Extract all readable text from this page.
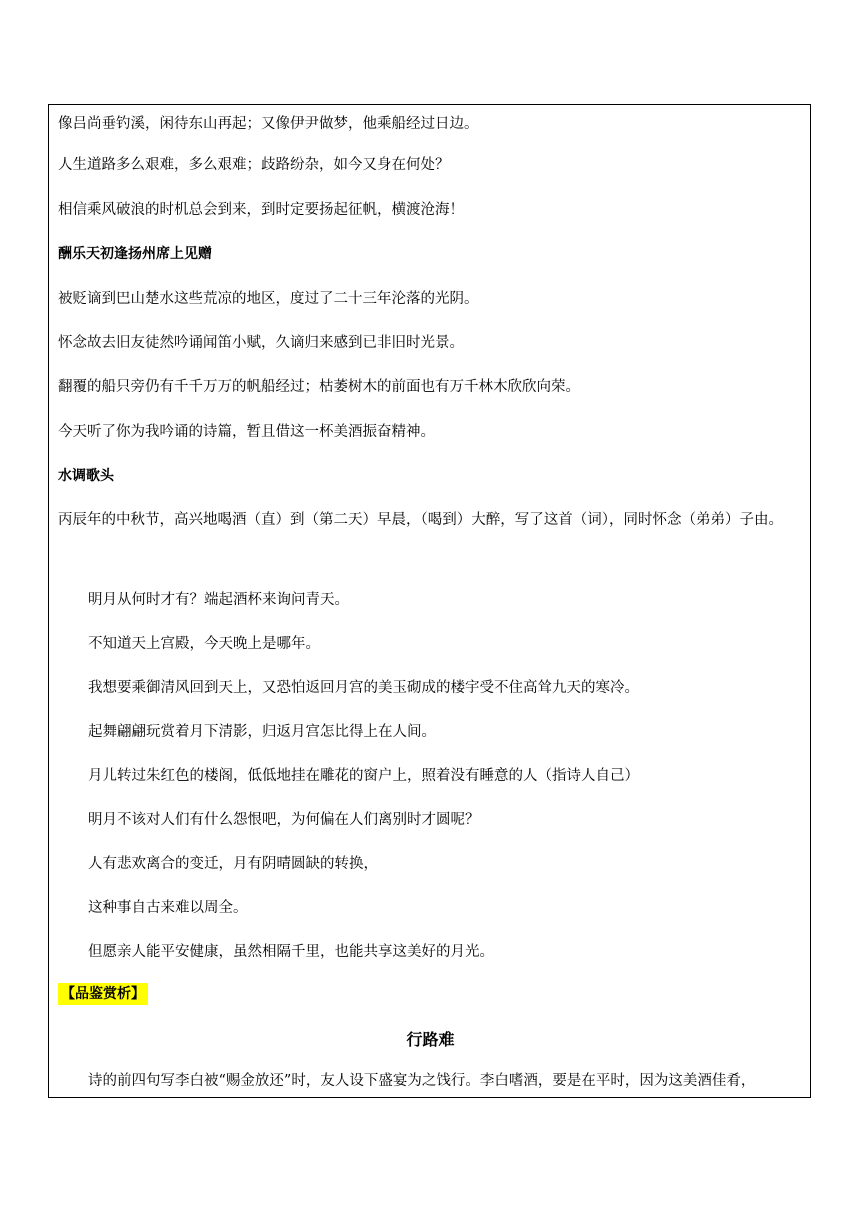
像吕尚垂钓溪，闲待东山再起；又像伊尹做梦，他乘船经过日边。
人生道路多么艰难，多么艰难；歧路纷杂，如今又身在何处？
相信乘风破浪的时机总会到来，到时定要扬起征帆，横渡沧海！
酬乐天初逢扬州席上见赠
被贬谪到巴山楚水这些荒凉的地区，度过了二十三年沦落的光阴。
怀念故去旧友徒然吟诵闻笛小赋，久谪归来感到已非旧时光景。
翻覆的船只旁仍有千千万万的帆船经过；枯萎树木的前面也有万千林木欣欣向荣。
今天听了你为我吟诵的诗篇，暂且借这一杯美酒振奋精神。
水调歌头
丙辰年的中秋节，高兴地喝酒（直）到（第二天）早晨，（喝到）大醉，写了这首（词），同时怀念（弟弟）子由。
明月从何时才有？端起酒杯来询问青天。
不知道天上宫殿，今天晚上是哪年。
我想要乘御清风回到天上，又恐怕返回月宫的美玉砌成的楼宇受不住高耸九天的寒冷。
起舞翩翩玩赏着月下清影，归返月宫怎比得上在人间。
月儿转过朱红色的楼阁，低低地挂在雕花的窗户上，照着没有睡意的人（指诗人自己）
明月不该对人们有什么怨恨吧，为何偏在人们离别时才圆呢？
人有悲欢离合的变迁，月有阴晴圆缺的转换，
这种事自古来难以周全。
但愿亲人能平安健康，虽然相隔千里，也能共享这美好的月光。
【品鉴赏析】
行路难
诗的前四句写李白被“赐金放还”时，友人设下盛宴为之饯行。李白嗜酒，要是在平时，因为这美酒佳肴，
